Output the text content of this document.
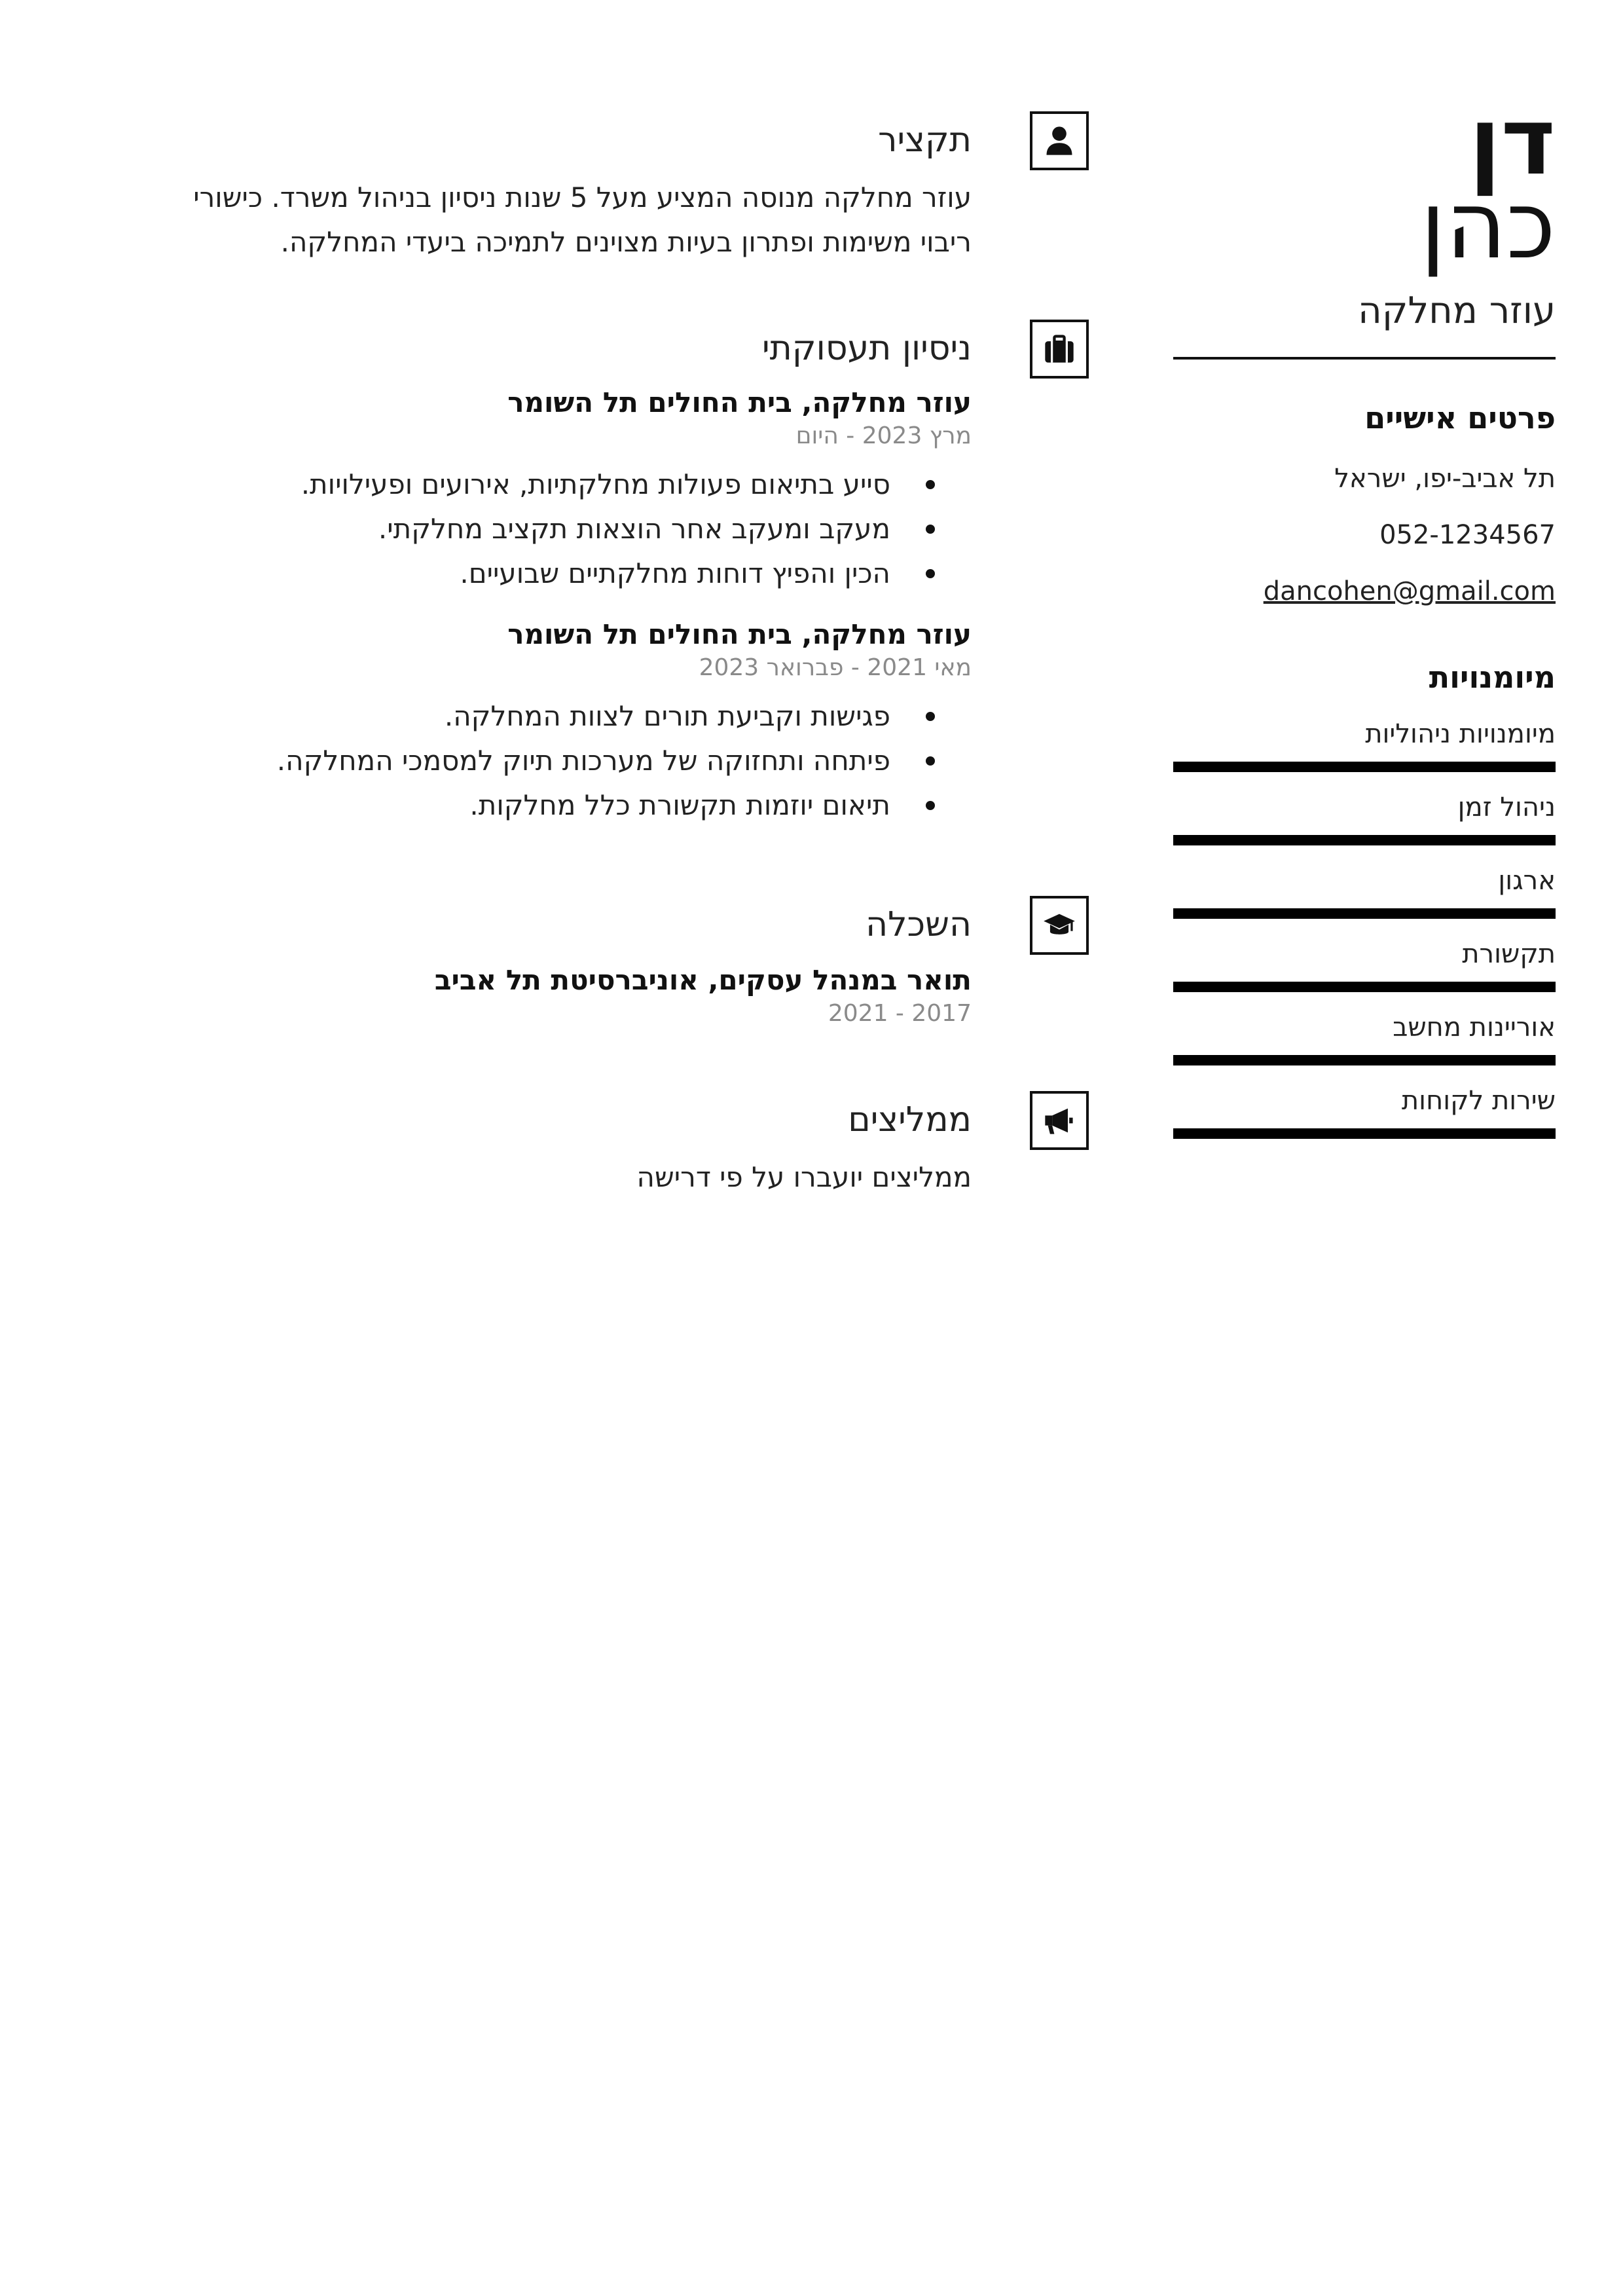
דן
כהן
עוזר מחלקה
פרטים אישיים
תל אביב-יפו, ישראל
052-1234567
dancohen@gmail.com
מיומנויות
מיומנויות ניהוליות
ניהול זמן
ארגון
תקשורת
אוריינות מחשב
שירות לקוחות
תקציר
עוזר מחלקה מנוסה המציע מעל 5 שנות ניסיון בניהול משרד. כישורי ריבוי משימות ופתרון בעיות מצוינים לתמיכה ביעדי המחלקה.
ניסיון תעסוקתי
עוזר מחלקה, בית החולים תל השומר
מרץ 2023 - היום
סייע בתיאום פעולות מחלקתיות, אירועים ופעילויות.
מעקב ומעקב אחר הוצאות תקציב מחלקתי.
הכין והפיץ דוחות מחלקתיים שבועיים.
עוזר מחלקה, בית החולים תל השומר
מאי 2021 - פברואר 2023
פגישות וקביעת תורים לצוות המחלקה.
פיתחה ותחזוקה של מערכות תיוק למסמכי המחלקה.
תיאום יוזמות תקשורת כלל מחלקות.
השכלה
תואר במנהל עסקים, אוניברסיטת תל אביב
2017 - 2021
ממליצים
ממליצים יועברו על פי דרישה
